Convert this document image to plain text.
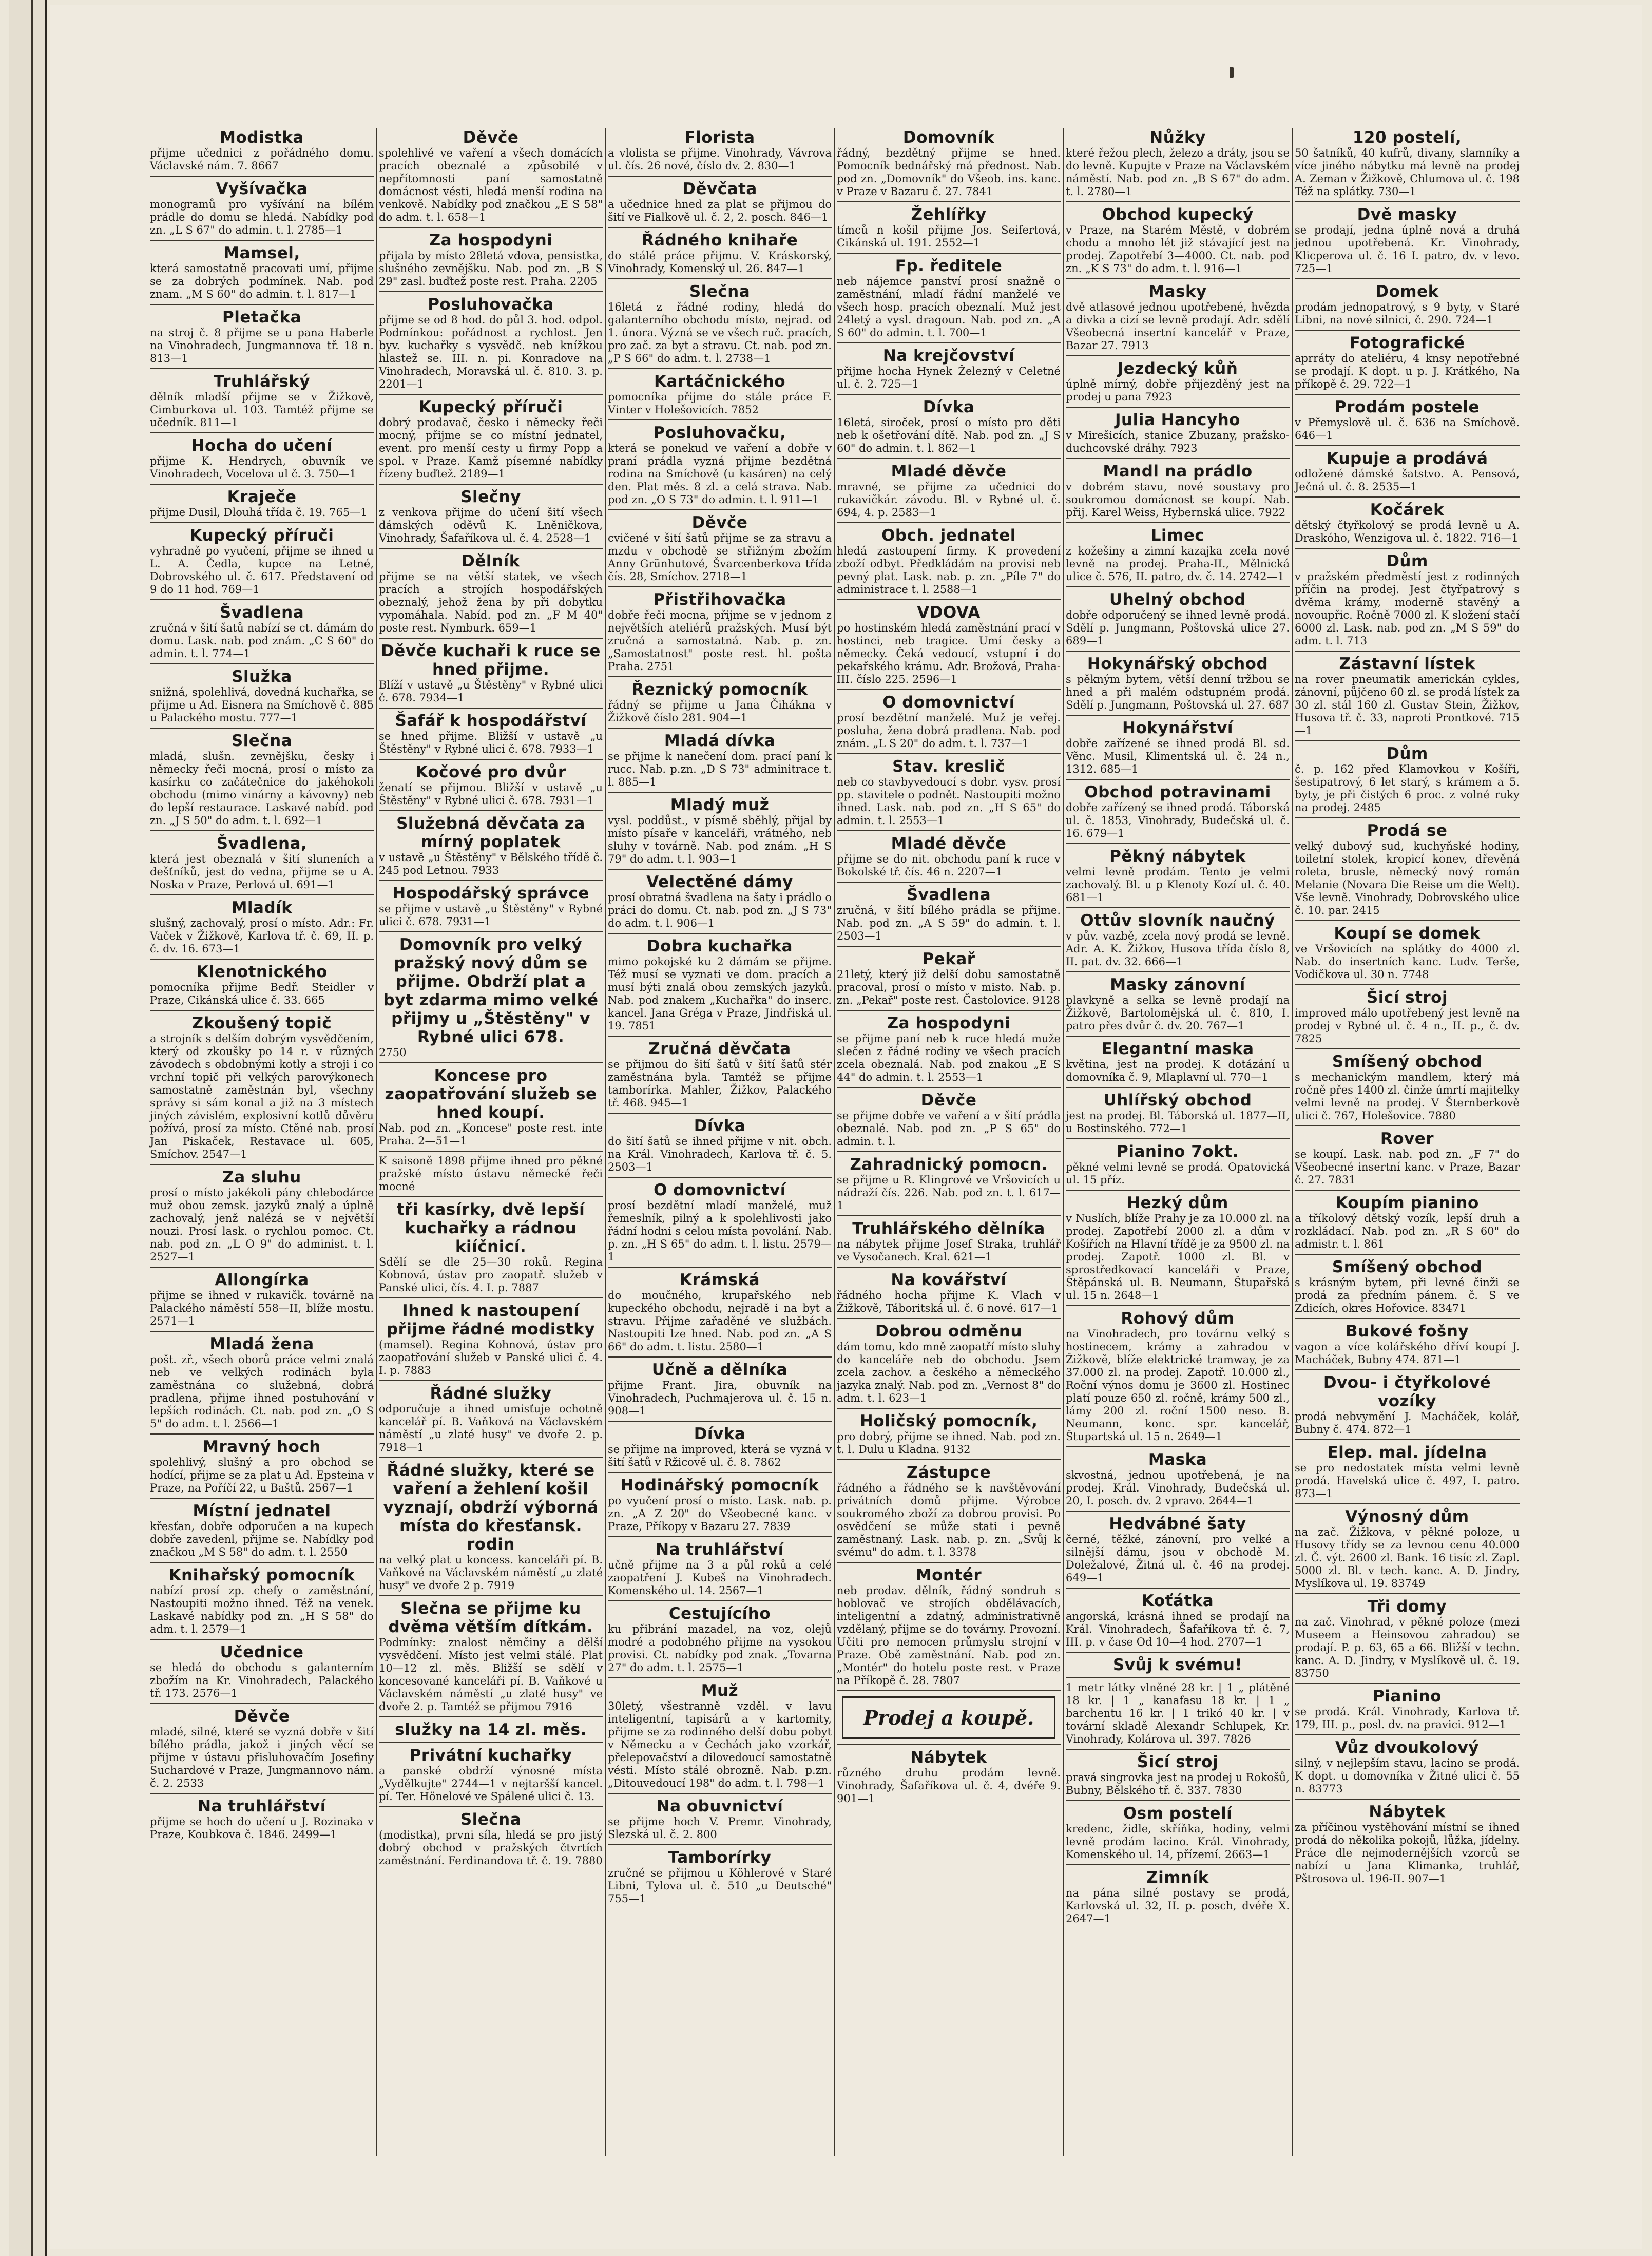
Modistka
přijme učednici z pořádného domu. Václavské nám. 7. 8667
Vyšívačka
monogramů pro vyšívání na bílém prádle do domu se hledá. Nabídky pod zn. „L S 67" do admin. t. l. 2785—1
Mamsel,
která samostatně pracovati umí, přijme se za dobrých podmínek. Nab. pod znam. „M S 60" do admin. t. l. 817—1
Pletačka
na stroj č. 8 přijme se u pana Haberle na Vinohradech, Jungmannova tř. 18 n. 813—1
Truhlářský
dělník mladší přijme se v Žižkově, Cimburkova ul. 103. Tamtéž přijme se učedník. 811—1
Hocha do učení
přijme K. Hendrych, obuvník ve Vinohradech, Vocelova ul č. 3. 750—1
Kraječe
přijme Dusil, Dlouhá třída č. 19. 765—1
Kupecký příruči
vyhradně po vyučení, přijme se ihned u L. A. Čedla, kupce na Letné, Dobrovského ul. č. 617. Představení od 9 do 11 hod. 769—1
Švadlena
zručná v šití šatů nabízí se ct. dámám do domu. Lask. nab. pod znám. „C S 60" do admin. t. l. 774—1
Služka
snižná, spolehlivá, dovedná kuchařka, se přijme u Ad. Eisnera na Smíchově č. 885 u Palackého mostu. 777—1
Slečna
mladá, slušn. zevnějšku, česky i německy řeči mocná, prosí o místo za kasírku co začátečnice do jakéhokoli obchodu (mimo vinárny a kávovny) neb do lepší restaurace. Laskavé nabíd. pod zn. „J S 50" do adm. t. l. 692—1
Švadlena,
která jest obeznalá v šití sluneních a dešťníků, jest do vedna, přijme se u A. Noska v Praze, Perlová ul. 691—1
Mladík
slušný, zachovalý, prosí o místo. Adr.: Fr. Vaček v Žižkově, Karlova tř. č. 69, II. p. č. dv. 16. 673—1
Klenotnického
pomocníka přijme Bedř. Steidler v Praze, Cikánská ulice č. 33. 665
Zkoušený topič
a strojník s delším dobrým vysvědčením, který od zkoušky po 14 r. v různých závodech s obdobnými kotly a stroji i co vrchní topič při velkých parovýkonech samostatně zaměstnán byl, všechny správy si sám konal a již na 3 místech jiných závislém, explosivní kotlů důvěru požívá, prosí za místo. Ctěné nab. prosí Jan Piskaček, Restavace ul. 605, Smíchov. 2547—1
Za sluhu
prosí o místo jakékoli pány chlebodárce muž obou zemsk. jazyků znalý a úplně zachovalý, jenž nalézá se v největší nouzi. Prosí lask. o rychlou pomoc. Ct. nab. pod zn. „L O 9" do administ. t. l. 2527—1
Allongírka
přijme se ihned v rukavičk. továrně na Palackého náměstí 558—II, blíže mostu. 2571—1
Mladá žena
pošt. zř., všech oborů práce velmi znalá neb ve velkých rodinách byla zaměstnána co služebná, dobrá pradlena, přijme ihned postuhování v lepších rodinách. Ct. nab. pod zn. „O S 5" do adm. t. l. 2566—1
Mravný hoch
spolehlivý, slušný a pro obchod se hodící, přijme se za plat u Ad. Epsteina v Praze, na Poříčí 22, u Baštů. 2567—1
Místní jednatel
křesťan, dobře odporučen a na kupech dobře zavedenl, přijme se. Nabídky pod značkou „M S 58" do adm. t. l. 2550
Knihařský pomocník
nabízí prosí zp. chefy o zaměstnání, Nastoupiti možno ihned. Též na venek. Laskavé nabídky pod zn. „H S 58" do adm. t. l. 2579—1
Učednice
se hledá do obchodu s galanterním zbožím na Kr. Vinohradech, Palackého tř. 173. 2576—1
Děvče
mladé, silné, které se vyzná dobře v šití bílého prádla, jakož i jiných věcí se přijme v ústavu přisluhovačím Josefiny Suchardové v Praze, Jungmannovo nám. č. 2. 2533
Na truhlářství
přijme se hoch do učení u J. Rozinaka v Praze, Koubkova č. 1846. 2499—1
Děvče
spolehlivé ve vaření a všech domácích pracích obeznalé a způsobilé v nepřítomnosti paní samostatně domácnost vésti, hledá menší rodina na venkově. Nabídky pod značkou „E S 58" do adm. t. l. 658—1
Za hospodyni
přijala by místo 28letá vdova, pensistka, slušného zevnějšku. Nab. pod zn. „B S 29" zasl. buďtež poste rest. Praha. 2205
Posluhovačka
přijme se od 8 hod. do půl 3. hod. odpol. Podmínkou: pořádnost a rychlost. Jen byv. kuchařky s vysvědč. neb knížkou hlastež se. III. n. pi. Konradove na Vinohradech, Moravská ul. č. 810. 3. p. 2201—1
Kupecký příruči
dobrý prodavač, česko i německy řeči mocný, přijme se co místní jednatel, event. pro menší cesty u firmy Popp a spol. v Praze. Kamž písemné nabídky řízeny buďtež. 2189—1
Slečny
z venkova přijme do učení šití všech dámských oděvů K. Lněničkova, Vinohrady, Šafaříkova ul. č. 4. 2528—1
Dělník
přijme se na větší statek, ve všech pracích a strojích hospodářských obeznalý, jehož žena by při dobytku vypomáhala. Nabíd. pod zn. „F M 40" poste rest. Nymburk. 659—1
Děvče kuchaři k ruce se hned přijme.
Blíží v ustavě „u Štěstěny" v Rybné ulici č. 678. 7934—1
Šafář k hospodářství
se hned přijme. Bližší v ustavě „u Štěstěny" v Rybné ulici č. 678. 7933—1
Kočové pro dvůr
ženatí se přijmou. Bližší v ustavě „u Štěstěny" v Rybné ulici č. 678. 7931—1
Služebná děvčata za mírný poplatek
v ustavě „u Štěstěny" v Bělského třídě č. 245 pod Letnou. 7933
Hospodářský správce
se přijme v ustavě „u Štěstěny" v Rybné ulici č. 678. 7931—1
Domovník pro velký pražský nový dům se přijme. Obdrží plat a byt zdarma mimo velké přijmy u „Štěstěny" v Rybné ulici 678.
2750
Koncese pro zaopatřování služeb se hned koupí.
Nab. pod zn. „Koncese" poste rest. inte Praha. 2—51—1
K saisoně 1898 přijme ihned pro pěkné pražské místo ústavu německé řeči mocné
tři kasírky, dvě lepší kuchařky a rádnou kiíčnicí.
Sdělí se dle 25—30 roků. Regina Kobnová, ústav pro zaopatř. služeb v Panské ulici, čís. 4. I. p. 7887
Ihned k nastoupení přijme řádné modistky
(mamsel). Regina Kohnová, ústav pro zaopatřování služeb v Panské ulici č. 4. I. p. 7883
Řádné služky
odporučuje a ihned umisťuje ochotně kancelář pí. B. Vaňková na Václavském náměstí „u zlaté husy" ve dvoře 2. p. 7918—1
Řádné služky, které se vaření a žehlení košil vyznají, obdrží výborná místa do křesťansk. rodin
na velký plat u koncess. kanceláři pí. B. Vaňkové na Václavském náměstí „u zlaté husy" ve dvoře 2 p. 7919
Slečna se přijme ku dvěma větším dítkám.
Podmínky: znalost němčiny a dělší vysvědčení. Místo jest velmi stálé. Plat 10—12 zl. měs. Bližší se sdělí v koncesované kanceláři pí. B. Vaňkové u Václavském náměstí „u zlaté husy" ve dvoře 2. p. Tamtéž se přijmou 7916
služky na 14 zl. měs.
Privátní kuchařky
a panské obdrží výnosné místa „Vydělkujte" 2744—1 v nejtaršší kancel. pí. Ter. Hönelové ve Spálené ulici č. 13.
Slečna
(modistka), prvni síla, hledá se pro jistý dobrý obchod v pražských čtvrtích zaměstnání. Ferdinandova tř. č. 19. 7880
Florista
a vlolista se přijme. Vinohrady, Vávrova ul. čís. 26 nové, číslo dv. 2. 830—1
Děvčata
a učednice hned za plat se přijmou do šití ve Fialkově ul. č. 2, 2. posch. 846—1
Řádného knihaře
do stálé práce přijmu. V. Kráskorský, Vinohrady, Komenský ul. 26. 847—1
Slečna
16letá z řádné rodiny, hledá do galanterního obchodu místo, nejrad. od 1. února. Význá se ve všech ruč. pracích, pro zač. za byt a stravu. Ct. nab. pod zn. „P S 66" do adm. t. l. 2738—1
Kartáčnického
pomocníka přijme do stále práce F. Vinter v Holešovicích. 7852
Posluhovačku,
která se ponekud ve vaření a dobře v praní prádla vyzná přijme bezdětná rodina na Smíchově (u kasáren) na celý den. Plat měs. 8 zl. a celá strava. Nab. pod zn. „O S 73" do admin. t. l. 911—1
Děvče
cvičené v šití šatů přijme se za stravu a mzdu v obchodě se střižným zbožím Anny Grünhutové, Švarcenberkova třída čís. 28, Smíchov. 2718—1
Přistřihovačka
dobře řeči mocna, přijme se v jednom z největších ateliérů pražských. Musí být zručná a samostatná. Nab. p. zn. „Samostatnost" poste rest. hl. pošta Praha. 2751
Řeznický pomocník
řádný se přijme u Jana Čihákna v Žižkově číslo 281. 904—1
Mladá dívka
se přijme k nanečení dom. prací paní k rucc. Nab. p.zn. „D S 73" adminitrace t. l. 885—1
Mladý muž
vysl. poddůst., v písmě sběhlý, přijal by místo písaře v kanceláři, vrátného, neb sluhy v továrně. Nab. pod znám. „H S 79" do adm. t. l. 903—1
Velectěné dámy
prosí obratná švadlena na šaty i prádlo o práci do domu. Ct. nab. pod zn. „J S 73" do adm. t. l. 906—1
Dobra kuchařka
mimo pokojské ku 2 dámám se přijme. Též musí se vyznati ve dom. pracích a musí býti znalá obou zemských jazyků. Nab. pod znakem „Kuchařka" do inserc. kancel. Jana Gréga v Praze, Jindřiská ul. 19. 7851
Zručná děvčata
se přijmou do šití šatů v šití šatů stér zaměstnána byla. Tamtéž se přijme tamborírka. Mahler, Žižkov, Palackého tř. 468. 945—1
Dívka
do šití šatů se ihned přijme v nit. obch. na Král. Vinohradech, Karlova tř. č. 5. 2503—1
O domovnictví
prosí bezdětní mladí manželé, muž řemeslník, pilný a k spolehlivosti jako řádní hodni s celou místa povolání. Nab. p. zn. „H S 65" do adm. t. l. listu. 2579—1
Krámská
do moučného, krupařského neb kupeckého obchodu, nejradě i na byt a stravu. Přijme zařaděné ve službách. Nastoupiti lze hned. Nab. pod zn. „A S 66" do adm. t. listu. 2580—1
Učně a dělníka
přijme Frant. Jira, obuvník na Vinohradech, Puchmajerova ul. č. 15 n. 908—1
Dívka
se přijme na improved, která se vyzná v šití šatů v Ržicově ul. č. 8. 7862
Hodinářský pomocník
po vyučení prosí o místo. Lask. nab. p. zn. „A Z 20" do Všeobecné kanc. v Praze, Příkopy v Bazaru 27. 7839
Na truhlářství
učně přijme na 3 a půl roků a celé zaopatření J. Kubeš na Vinohradech. Komenského ul. 14. 2567—1
Cestujícího
ku přibrání mazadel, na voz, olejů modré a podobného přijme na vysokou provisi. Ct. nabídky pod znak. „Tovarna 27" do adm. t. l. 2575—1
Muž
30letý, všestranně vzděl. v lavu inteligentní, tapisárů a v kartomity, přijme se za rodinného delší dobu pobyt v Německu a v Čechách jako vzorkář, přelepovačství a dilovedoucí samostatně vésti. Místo stálé obrozně. Nab. p.zn. „Ditouvedoucí 198" do adm. t. l. 798—1
Na obuvnictví
se přijme hoch V. Premr. Vinohrady, Slezská ul. č. 2. 800
Tamborírky
zručné se přijmou u Köhlerové v Staré Libni, Tylova ul. č. 510 „u Deutsché" 755—1
Domovník
řádný, bezdětný přijme se hned. Pomocník bednářský má přednost. Nab. pod zn. „Domovník" do Všeob. ins. kanc. v Praze v Bazaru č. 27. 7841
Žehlířky
tímců n košil přijme Jos. Seifertová, Cikánská ul. 191. 2552—1
Fp. ředitele
neb nájemce panství prosí snažně o zaměstnání, mladí řádní manželé ve všech hosp. pracích obeznalí. Muž jest 24letý a vysl. dragoun. Nab. pod zn. „A S 60" do admin. t. l. 700—1
Na krejčovství
přijme hocha Hynek Železný v Celetné ul. č. 2. 725—1
Dívka
16letá, siroček, prosí o místo pro děti neb k ošetřování dítě. Nab. pod zn. „J S 60" do admin. t. l. 862—1
Mladé děvče
mravné, se přijme za učednici do rukavičkár. závodu. Bl. v Rybné ul. č. 694, 4. p. 2583—1
Obch. jednatel
hledá zastoupení firmy. K provedení zboží odbyt. Předkládám na provisi neb pevný plat. Lask. nab. p. zn. „Píle 7" do administrace t. l. 2588—1
VDOVA
po hostinském hledá zaměstnání prací v hostinci, neb tragice. Umí česky a německy. Čeká vedoucí, vstupní i do pekařského krámu. Adr. Brožová, Praha-III. číslo 225. 2596—1
O domovnictví
prosí bezdětní manželé. Muž je veřej. posluha, žena dobrá pradlena. Nab. pod znám. „L S 20" do adm. t. l. 737—1
Stav. kreslič
neb co stavbyvedoucí s dobr. vysv. prosí pp. stavitele o podnět. Nastoupiti možno ihned. Lask. nab. pod zn. „H S 65" do admin. t. l. 2553—1
Mladé děvče
přijme se do nit. obchodu paní k ruce v Bokolské tř. čís. 46 n. 2207—1
Švadlena
zručná, v šití bílého prádla se přijme. Nab. pod zn. „A S 59" do admin. t. l. 2503—1
Pekař
21letý, který již delší dobu samostatně pracoval, prosí o místo v misto. Nab. p. zn. „Pekař" poste rest. Častolovice. 9128
Za hospodyni
se přijme paní neb k ruce hledá muže slečen z řádné rodiny ve všech pracích zcela obeznalá. Nab. pod znakou „E S 44" do admin. t. l. 2553—1
Děvče
se přijme dobře ve vaření a v šití prádla obeznalé. Nab. pod zn. „P S 65" do admin. t. l.
Zahradnický pomocn.
se přijme u R. Klingrové ve Vršovicích u nádraží čís. 226. Nab. pod zn. t. l. 617—1
Truhlářského dělníka
na nábytek přijme Josef Straka, truhlář ve Vysočanech. Kral. 621—1
Na kovářství
řádného hocha přijme K. Vlach v Žižkově, Táboritská ul. č. 6 nové. 617—1
Dobrou odměnu
dám tomu, kdo mně zaopatří místo sluhy do kanceláře neb do obchodu. Jsem zcela zachov. a českého a německého jazyka znalý. Nab. pod zn. „Vernost 8" do adm. t. l. 623—1
Holičský pomocník,
pro dobrý, přijme se ihned. Nab. pod zn. t. l. Dulu u Kladna. 9132
Zástupce
řádného a řádného se k navštěvování privátních domů přijme. Výrobce soukromého zboží za dobrou provisi. Po osvědčení se může stati i pevně zaměstnaný. Lask. nab. p. zn. „Svůj k svému" do adm. t. l. 3378
Montér
neb prodav. dělník, řádný sondruh s hoblovač ve strojích obdělávacích, inteligentní a zdatný, administrativně vzdělaný, přijme se do továrny. Provozní. Učiti pro nemocen průmyslu strojní v Praze. Obě zaměstnání. Nab. pod zn. „Montér" do hotelu poste rest. v Praze na Příkopě č. 28. 7807
Prodej a koupě.
Nábytek
různého druhu prodám levně. Vinohrady, Šafaříkova ul. č. 4, dvéře 9. 901—1
Nůžky
které řežou plech, železo a dráty, jsou se do levně. Kupujte v Praze na Václavském náměstí. Nab. pod zn. „B S 67" do adm. t. l. 2780—1
Obchod kupecký
v Praze, na Starém Městě, v dobrém chodu a mnoho lét již stávající jest na prodej. Zapotřebí 3—4000. Ct. nab. pod zn. „K S 73" do adm. t. l. 916—1
Masky
dvě atlasové jednou upotřebené, hvězda a divka a cizí se levně prodají. Adr. sdělí Všeobecná insertní kancelář v Praze, Bazar 27. 7913
Jezdecký kůň
úplně mírný, dobře přijezděný jest na prodej u pana 7923
Julia Hancyho
v Mirešicích, stanice Zbuzany, pražsko-duchcovské dráhy. 7923
Mandl na prádlo
v dobrém stavu, nové soustavy pro soukromou domácnost se koupí. Nab. přij. Karel Weiss, Hybernská ulice. 7922
Limec
z kožešiny a zimní kazajka zcela nové levně na prodej. Praha-II., Mělnická ulice č. 576, II. patro, dv. č. 14. 2742—1
Uhelný obchod
dobře odporučený se ihned levně prodá. Sdělí p. Jungmann, Poštovská ulice 27. 689—1
Hokynářský obchod
s pěkným bytem, větší denní tržbou se hned a při malém odstupném prodá. Sdělí p. Jungmann, Poštovská ul. 27. 687
Hokynářství
dobře zařízené se ihned prodá Bl. sd. Věnc. Musil, Klimentská ul. č. 24 n., 1312. 685—1
Obchod potravinami
dobře zařízený se ihned prodá. Táborská ul. č. 1853, Vinohrady, Budečská ul. č. 16. 679—1
Pěkný nábytek
velmi levně prodám. Tento je velmi zachovalý. Bl. u p Klenoty Kozí ul. č. 40. 681—1
Ottův slovník naučný
v pův. vazbě, zcela nový prodá se levně. Adr. A. K. Žižkov, Husova třída číslo 8, II. pat. dv. 32. 666—1
Masky zánovní
plavkyně a selka se levně prodají na Žižkově, Bartolomějská ul. č. 810, I. patro přes dvůr č. dv. 20. 767—1
Elegantní maska
květina, jest na prodej. K dotázání u domovníka č. 9, Mlaplavní ul. 770—1
Uhlířský obchod
jest na prodej. Bl. Táborská ul. 1877—II, u Bostinského. 772—1
Pianino 7okt.
pěkné velmi levně se prodá. Opatovická ul. 15 příz.
Hezký dům
v Nuslích, blíže Prahy je za 10.000 zl. na prodej. Zapotřebí 2000 zl. a dům v Košířích na Hlavní třídě je za 9500 zl. na prodej. Zapotř. 1000 zl. Bl. v sprostředkovací kanceláři v Praze, Štěpánská ul. B. Neumann, Štupařská ul. 15 n. 2648—1
Rohový dům
na Vinohradech, pro továrnu velký s hostinecem, krámy a zahradou v Žižkově, blíže elektrické tramway, je za 37.000 zl. na prodej. Zapotř. 10.000 zl., Roční výnos domu je 3600 zl. Hostinec platí pouze 650 zl. ročně, krámy 500 zl., lámy 200 zl. roční 1500 neso. B. Neumann, konc. spr. kancelář, Štupartská ul. 15 n. 2649—1
Maska
skvostná, jednou upotřebená, je na prodej. Král. Vinohrady, Budečská ul. 20, I. posch. dv. 2 vpravo. 2644—1
Hedvábné šaty
černé, těžké, zánovní, pro velké a silnější dámu, jsou v obchodě M. Doležalové, Žitná ul. č. 46 na prodej. 649—1
Koťátka
angorská, krásná ihned se prodají na Král. Vinohradech, Šafaříkova tř. č. 7, III. p. v čase Od 10—4 hod. 2707—1
Svůj k svému!
1 metr látky vlněné 28 kr. | 1 „ plátěné 18 kr. | 1 „ kanafasu 18 kr. | 1 „ barchentu 16 kr. | 1 trikó 40 kr. | v tovární skladě Alexandr Schlupek, Kr. Vinohrady, Kolárova ul. 397. 7826
Šicí stroj
pravá singrovka jest na prodej u Rokošů, Bubny, Bělského tř. č. 337. 7830
Osm postelí
kredenc, židle, skříňka, hodiny, velmi levně prodám lacino. Král. Vinohrady, Komenského ul. 14, přízemí. 2663—1
Zimník
na pána silné postavy se prodá, Karlovská ul. 32, II. p. posch, dvéře X. 2647—1
120 postelí,
50 šatníků, 40 kufrů, divany, slamníky a více jiného nábytku má levně na prodej A. Zeman v Žižkově, Chlumova ul. č. 198 Též na splátky. 730—1
Dvě masky
se prodají, jedna úplně nová a druhá jednou upotřebená. Kr. Vinohrady, Klicperova ul. č. 16 I. patro, dv. v levo. 725—1
Domek
prodám jednopatrový, s 9 byty, v Staré Libni, na nové silnici, č. 290. 724—1
Fotografické
aprráty do ateliéru, 4 knsy nepotřebné se prodají. K dopt. u p. J. Krátkého, Na příkopě č. 29. 722—1
Prodám postele
v Přemyslově ul. č. 636 na Smíchově. 646—1
Kupuje a prodává
odložené dámské šatstvo. A. Pensová, Ječná ul. č. 8. 2535—1
Kočárek
dětský čtyřkolový se prodá levně u A. Draskóho, Wenzigova ul. č. 1822. 716—1
Dům
v pražském předměstí jest z rodinných příčin na prodej. Jest čtyřpatrový s dvěma krámy, moderně stavěný a novoupřic. Ročně 7000 zl. K složení stačí 6000 zl. Lask. nab. pod zn. „M S 59" do adm. t. l. 713
Zástavní lístek
na rover pneumatik americkán cykles, zánovní, půjčeno 60 zl. se prodá lístek za 30 zl. stál 160 zl. Gustav Stein, Žižkov, Husova tř. č. 33, naproti Prontkové. 715—1
Dům
č. p. 162 před Klamovkou v Košíři, šestipatrový, 6 let starý, s krámem a 5. byty, je při čistých 6 proc. z volné ruky na prodej. 2485
Prodá se
velký dubový sud, kuchyňské hodiny, toiletní stolek, kropicí konev, dřevěná roleta, brusle, německý nový román Melanie (Novara Die Reise um die Welt). Vše levně. Vinohrady, Dobrovského ulice č. 10. par. 2415
Koupí se domek
ve Vršovicích na splátky do 4000 zl. Nab. do insertních kanc. Ludv. Terše, Vodičkova ul. 30 n. 7748
Šicí stroj
improved málo upotřebený jest levně na prodej v Rybné ul. č. 4 n., II. p., č. dv. 7825
Smíšený obchod
s mechanickým mandlem, který má ročně přes 1400 zl. činže úmrtí majitelky velmi levně na prodej. V Šternberkově ulici č. 767, Holešovice. 7880
Rover
se koupí. Lask. nab. pod zn. „F 7" do Všeobecné insertní kanc. v Praze, Bazar č. 27. 7831
Koupím pianino
a tříkolový dětský vozík, lepší druh a rozkládací. Nab. pod zn. „R S 60" do admistr. t. l. 861
Smíšený obchod
s krásným bytem, při levné činži se prodá za předním pánem. č. S ve Zdicích, okres Hořovice. 83471
Bukové fošny
vagon a více kolářského dříví koupí J. Macháček, Bubny 474. 871—1
Dvou- i čtyřkolové vozíky
prodá nebvymění J. Macháček, kolář, Bubny č. 474. 872—1
Elep. mal. jídelna
se pro nedostatek místa velmi levně prodá. Havelská ulice č. 497, I. patro. 873—1
Výnosný dům
na zač. Žižkova, v pěkné poloze, u Husovy třídy se za levnou cenu 40.000 zl. Č. výt. 2600 zl. Bank. 16 tisíc zl. Zapl. 5000 zl. Bl. v tech. kanc. A. D. Jindry, Myslíkova ul. 19. 83749
Tři domy
na zač. Vinohrad, v pěkné poloze (mezi Museem a Heinsovou zahradou) se prodají. P. p. 63, 65 a 66. Bližší v techn. kanc. A. D. Jindry, v Myslíkově ul. č. 19. 83750
Pianino
se prodá. Král. Vinohrady, Karlova tř. 179, III. p., posl. dv. na pravici. 912—1
Vůz dvoukolový
silný, v nejlepším stavu, lacino se prodá. K dopt. u domovníka v Žitné ulici č. 55 n. 83773
Nábytek
za příčinou vystěhování místní se ihned prodá do několika pokojů, lůžka, jídelny. Práce dle nejmodernějších vzorců se nabízí u Jana Klimanka, truhlář, Pštrosova ul. 196-II. 907—1
